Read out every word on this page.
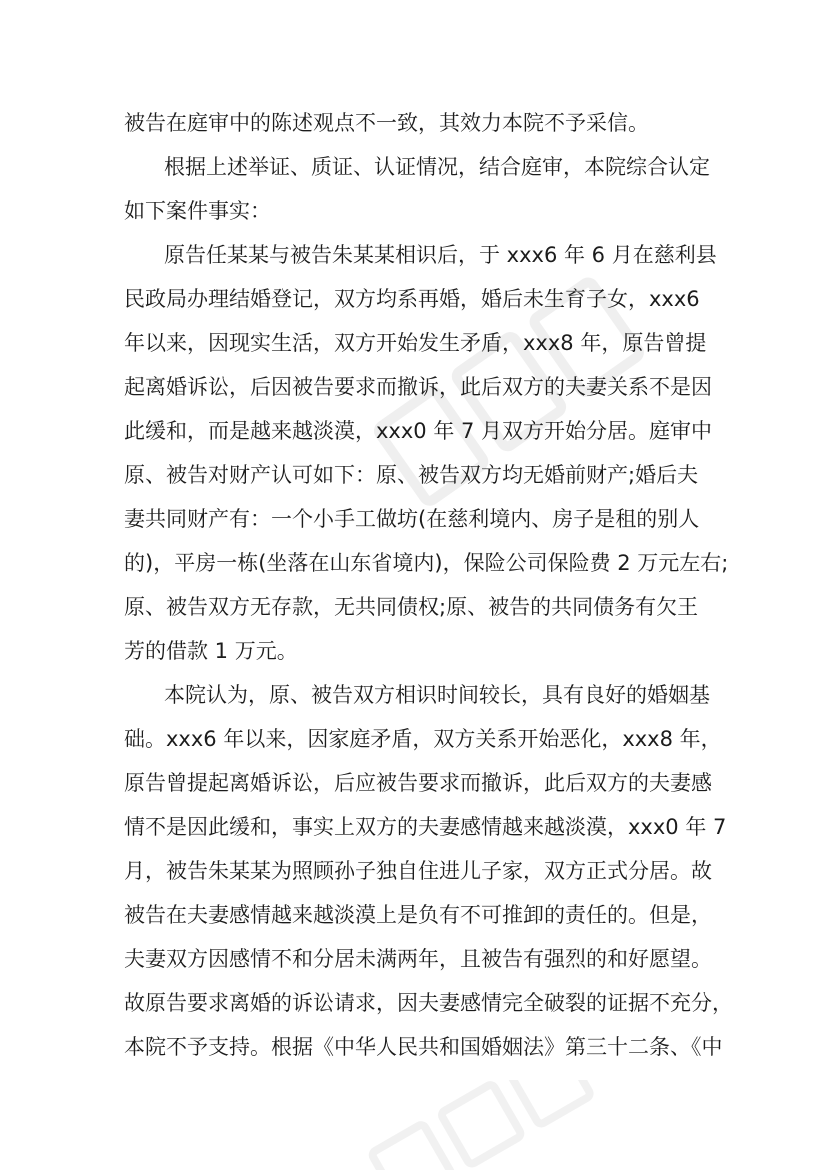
被告在庭审中的陈述观点不一致，其效力本院不予采信。
根据上述举证、质证、认证情况，结合庭审，本院综合认定
如下案件事实：
原告任某某与被告朱某某相识后，于 xxx6 年 6 月在慈利县
民政局办理结婚登记，双方均系再婚，婚后未生育子女，xxx6
年以来，因现实生活，双方开始发生矛盾，xxx8 年，原告曾提
起离婚诉讼，后因被告要求而撤诉，此后双方的夫妻关系不是因
此缓和，而是越来越淡漠，xxx0 年 7 月双方开始分居。庭审中
原、被告对财产认可如下：原、被告双方均无婚前财产;婚后夫
妻共同财产有：一个小手工做坊(在慈利境内、房子是租的别人
的)，平房一栋(坐落在山东省境内)，保险公司保险费 2 万元左右;
原、被告双方无存款，无共同债权;原、被告的共同债务有欠王
芳的借款 1 万元。
本院认为，原、被告双方相识时间较长，具有良好的婚姻基
础。xxx6 年以来，因家庭矛盾，双方关系开始恶化，xxx8 年，
原告曾提起离婚诉讼，后应被告要求而撤诉，此后双方的夫妻感
情不是因此缓和，事实上双方的夫妻感情越来越淡漠，xxx0 年 7
月，被告朱某某为照顾孙子独自住进儿子家，双方正式分居。故
被告在夫妻感情越来越淡漠上是负有不可推卸的责任的。但是，
夫妻双方因感情不和分居未满两年，且被告有强烈的和好愿望。
故原告要求离婚的诉讼请求，因夫妻感情完全破裂的证据不充分，
本院不予支持。根据《中华人民共和国婚姻法》第三十二条、《中
